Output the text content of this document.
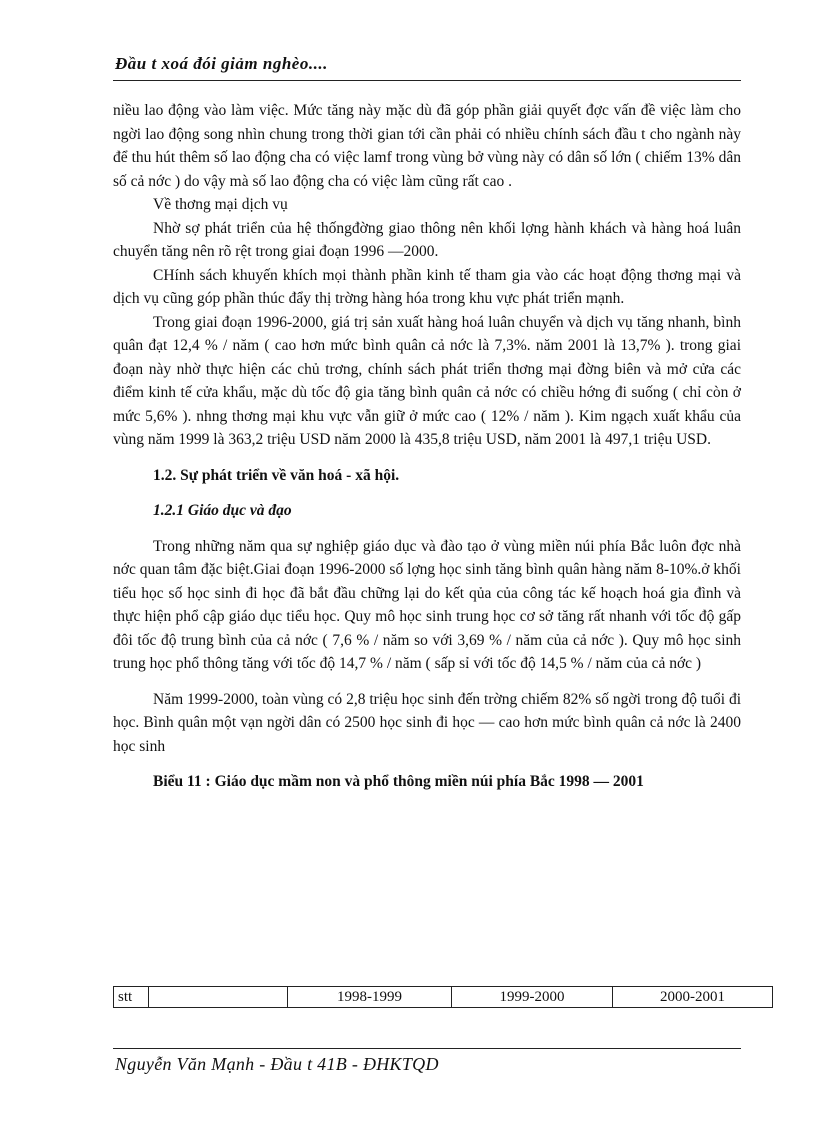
Đầu t xoá đói giảm nghèo....

niều lao động vào làm việc. Mức tăng này mặc dù đã góp phần giải quyết đợc vấn đề việc làm cho ngời lao động song nhìn chung trong thời gian tới cần phải có nhiều chính sách đầu t cho ngành này để thu hút thêm số lao động cha có việc lamf trong vùng bở vùng này có dân số lớn ( chiếm 13% dân số cả nớc ) do vậy mà số lao động cha có việc làm cũng rất cao .

Về thơng mại dịch vụ

Nhờ sợ phát triển của hệ thốngđờng giao thông nên khối lợng hành khách và hàng hoá luân chuyển tăng nên rõ rệt trong giai đoạn 1996 —2000.

CHính sách khuyến khích mọi thành phần kinh tế tham gia vào các hoạt động thơng mại và dịch vụ cũng góp phần thúc đẩy thị trờng hàng hóa trong khu vực phát triển mạnh.

Trong giai đoạn 1996-2000, giá trị sản xuất hàng hoá luân chuyển và dịch vụ tăng nhanh, bình quân đạt 12,4 % / năm ( cao hơn mức bình quân cả nớc là 7,3%. năm 2001 là 13,7% ). trong giai đoạn này nhờ thực hiện các chủ trơng, chính sách phát triển thơng mại đờng biên và mở cửa các điểm kinh tế cửa khẩu, mặc dù tốc độ gia tăng bình quân cả nớc có chiều hớng đi suống ( chỉ còn ở mức 5,6% ). nhng thơng mại khu vực vẫn giữ ở mức cao ( 12% / năm ). Kim ngạch xuất khẩu của vùng năm 1999 là 363,2 triệu USD năm 2000 là 435,8 triệu USD, năm 2001 là 497,1 triệu USD.

1.2. Sự phát triển về văn hoá - xã hội.

1.2.1 Giáo dục và đạo

Trong những năm qua sự nghiệp giáo dục và đào tạo ở vùng miền núi phía Bắc luôn đợc nhà nớc quan tâm đặc biệt.Giai đoạn 1996-2000 số lợng học sinh tăng bình quân hàng năm 8-10%.ở khối tiểu học số học sinh đi học đã bắt đầu chững lại do kết qủa của công tác kế hoạch hoá gia đình và thực hiện phổ cập giáo dục tiểu học. Quy mô học sinh trung học cơ sở tăng rất nhanh với tốc độ gấp đôi tốc độ trung bình của cả nớc ( 7,6 % / năm so với 3,69 % / năm của cả nớc ). Quy mô học sinh trung học phổ thông tăng với tốc độ 14,7 % / năm ( sấp sỉ với tốc độ 14,5 % / năm của cả nớc )

Năm 1999-2000, toàn vùng có 2,8 triệu học sinh đến trờng chiếm 82% số ngời trong độ tuổi đi học. Bình quân một vạn ngời dân có 2500 học sinh đi học — cao hơn mức bình quân cả nớc là 2400 học sinh

Biểu 11 : Giáo dục mầm non và phổ thông miền núi phía Bắc 1998 — 2001

stt		1998-1999	1999-2000	2000-2001
Nguyễn Văn Mạnh - Đầu t 41B - ĐHKTQD
